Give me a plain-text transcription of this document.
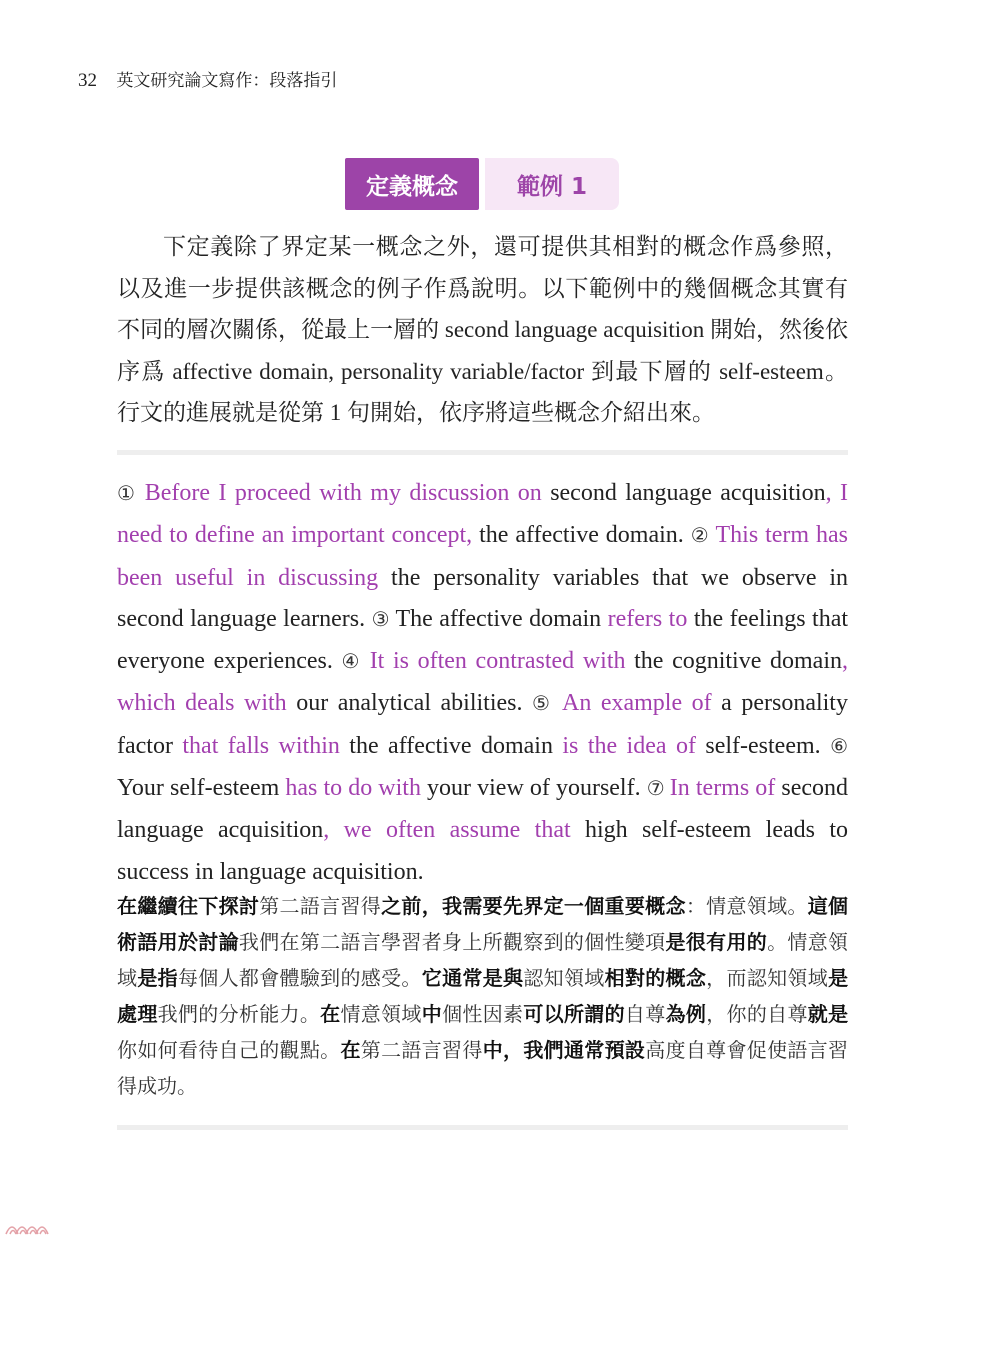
32 英文研究論文寫作：段落指引
定義概念	範例 1

下定義除了界定某一概念之外，還可提供其相對的概念作爲參照，以及進一步提供該概念的例子作爲說明。以下範例中的幾個概念其實有不同的層次關係，從最上一層的 second language acquisition 開始，然後依序爲 affective domain, personality variable/factor 到最下層的 self-esteem。行文的進展就是從第 1 句開始，依序將這些概念介紹出來。

① Before I proceed with my discussion on second language acquisition, I need to define an important concept, the affective domain. ② This term has been useful in discussing the personality variables that we observe in second language learners. ③ The affective domain refers to the feelings that everyone experiences. ④ It is often contrasted with the cognitive domain, which deals with our analytical abilities. ⑤ An example of a personality factor that falls within the affective domain is the idea of self-esteem. ⑥ Your self-esteem has to do with your view of yourself. ⑦ In terms of second language acquisition, we often assume that high self-esteem leads to success in language acquisition.

在繼續往下探討第二語言習得之前，我需要先界定一個重要概念：情意領域。這個術語用於討論我們在第二語言學習者身上所觀察到的個性變項是很有用的。情意領域是指每個人都會體驗到的感受。它通常是與認知領域相對的概念，而認知領域是處理我們的分析能力。在情意領域中個性因素可以所謂的自尊為例，你的自尊就是你如何看待自己的觀點。在第二語言習得中，我們通常預設高度自尊會促使語言習得成功。
